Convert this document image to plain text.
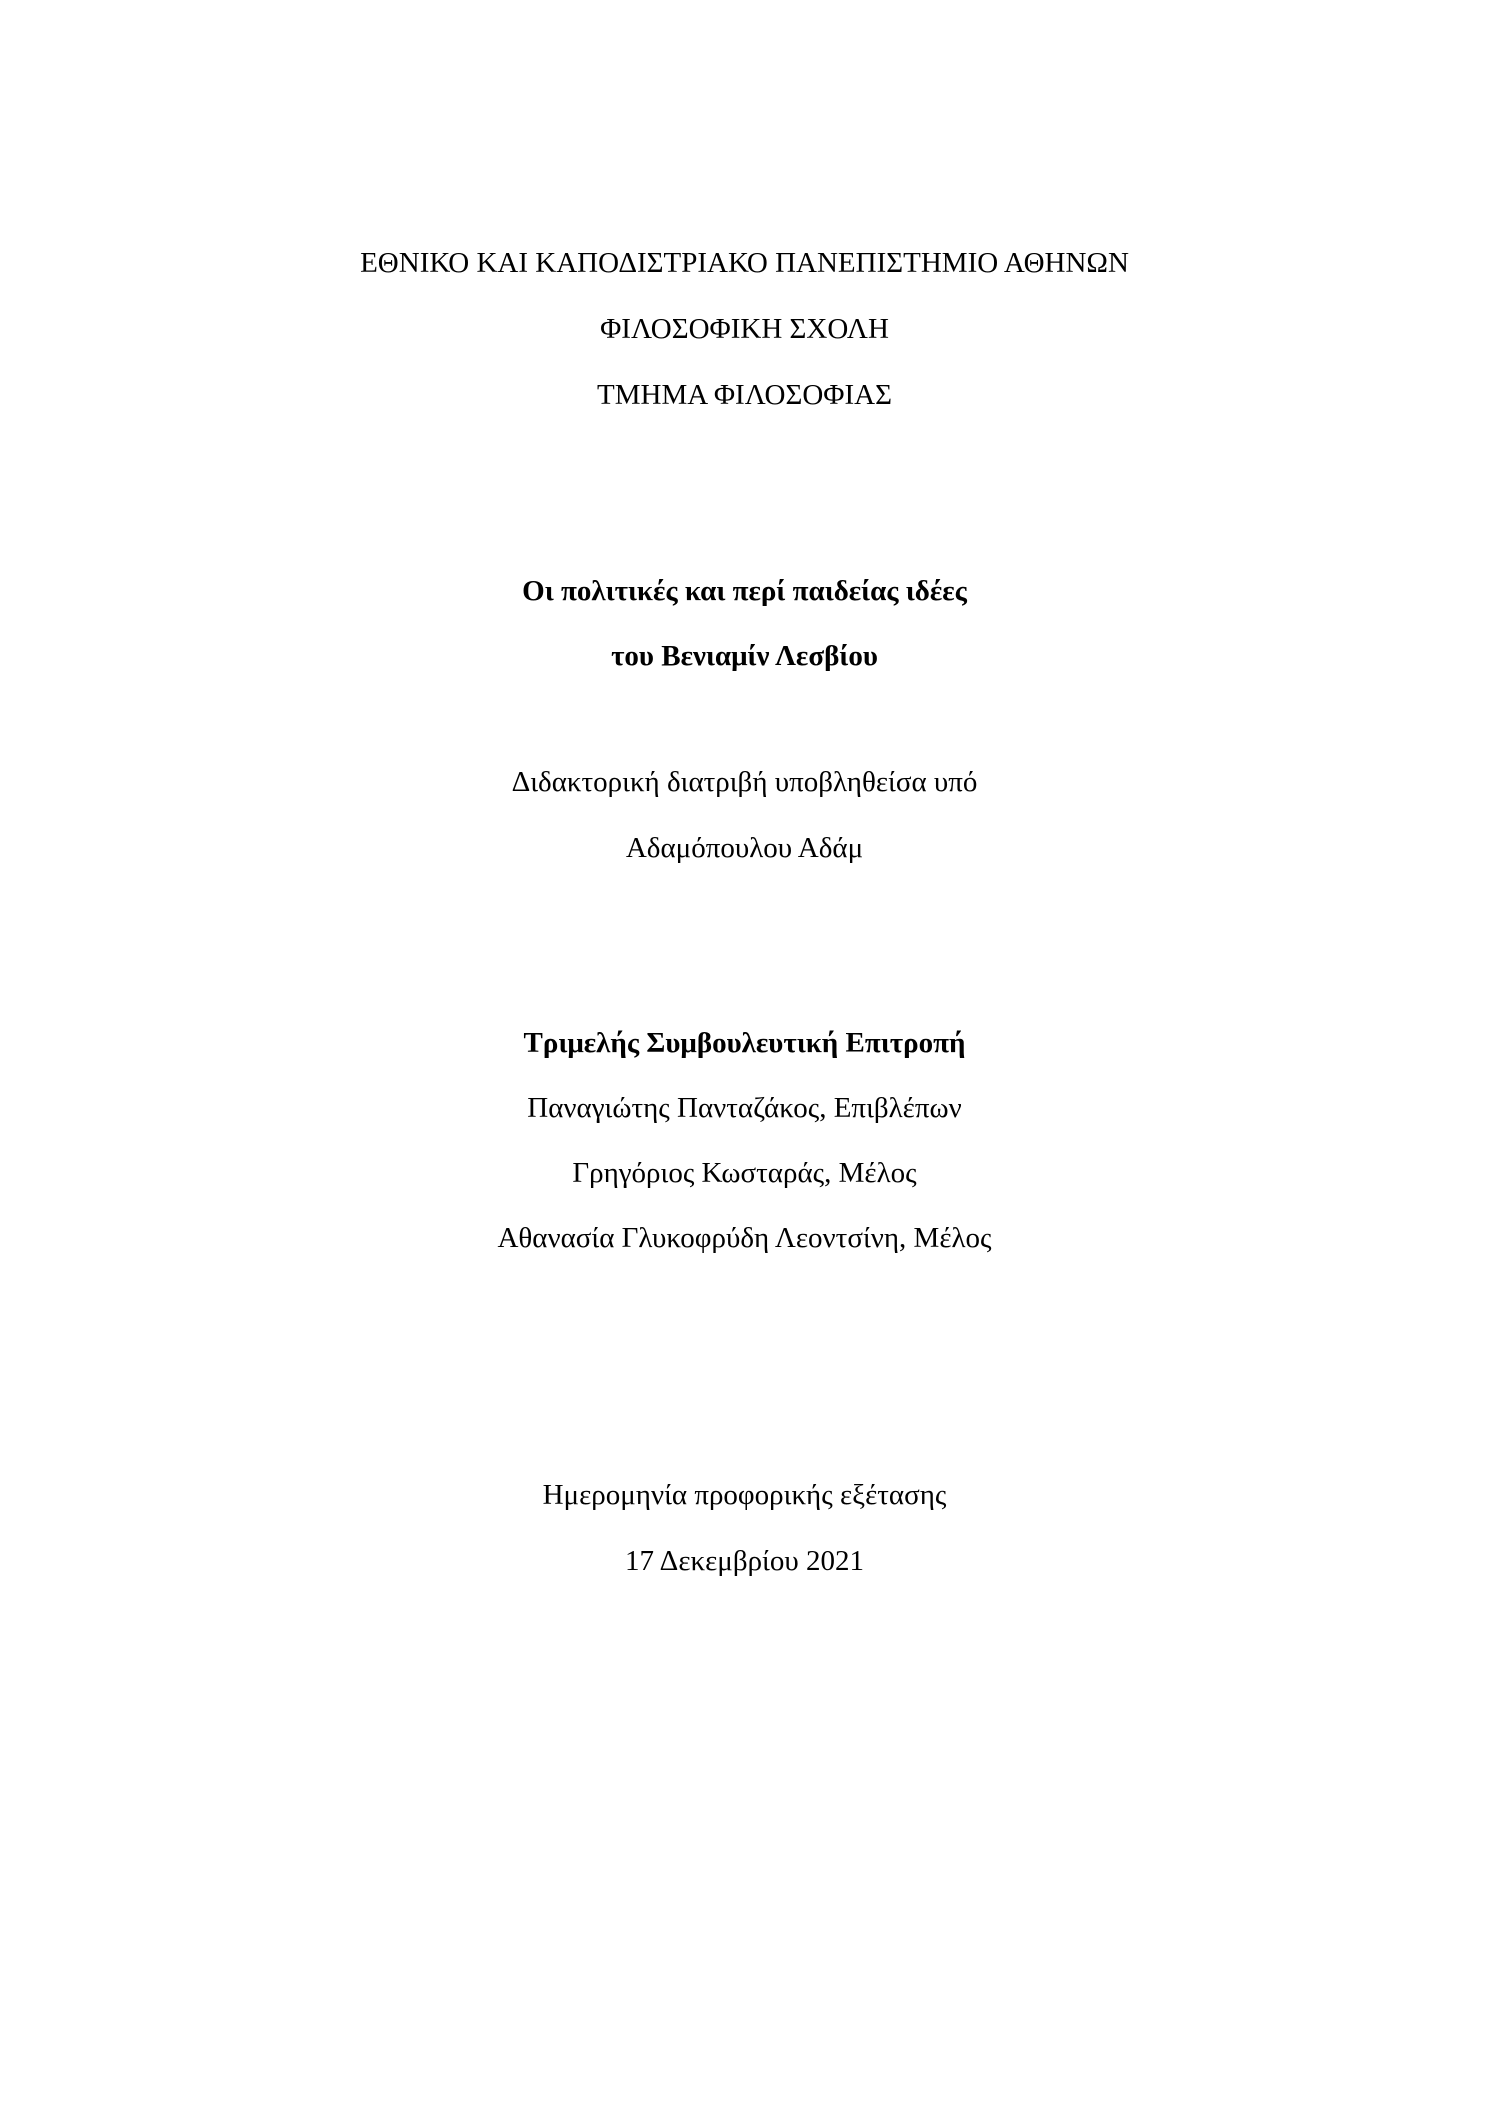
ΕΘΝΙΚΟ ΚΑΙ ΚΑΠΟΔΙΣΤΡΙΑΚΟ ΠΑΝΕΠΙΣΤΗΜΙΟ ΑΘΗΝΩΝ
ΦΙΛΟΣΟΦΙΚΗ ΣΧΟΛΗ
ΤΜΗΜΑ ΦΙΛΟΣΟΦΙΑΣ
Οι πολιτικές και περί παιδείας ιδέες
του Βενιαμίν Λεσβίου
Διδακτορική διατριβή υποβληθείσα υπό
Αδαμόπουλου Αδάμ
Τριμελής Συμβουλευτική Επιτροπή
Παναγιώτης Πανταζάκος, Επιβλέπων
Γρηγόριος Κωσταράς, Μέλος
Αθανασία Γλυκοφρύδη Λεοντσίνη, Μέλος
Ημερομηνία προφορικής εξέτασης
17 Δεκεμβρίου 2021
